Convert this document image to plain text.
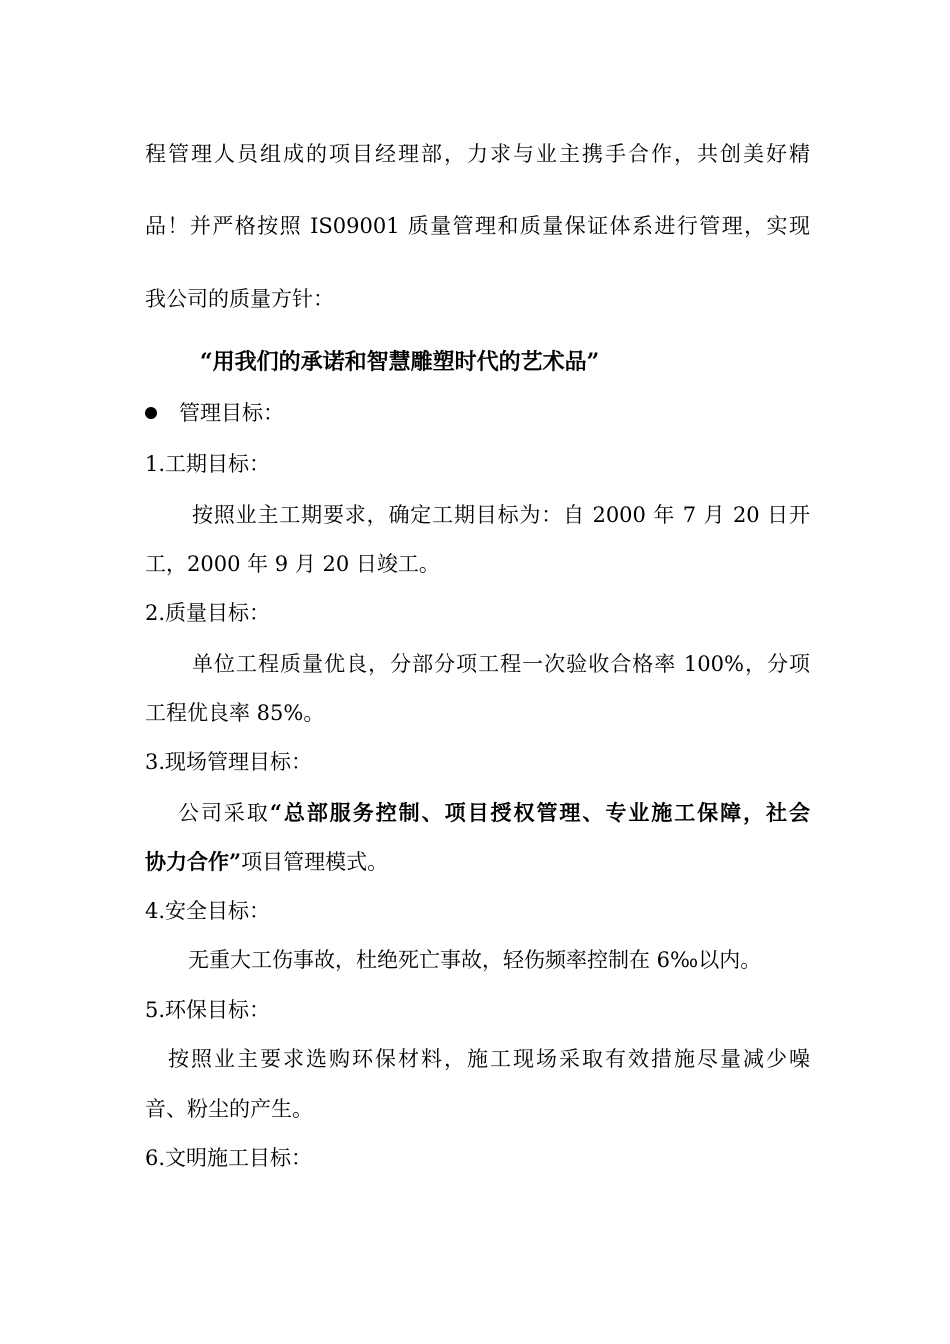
程管理人员组成的项目经理部，力求与业主携手合作，共创美好精
品！并严格按照 IS09001 质量管理和质量保证体系进行管理，实现
我公司的质量方针：
“用我们的承诺和智慧雕塑时代的艺术品”
管理目标：
1.工期目标：
按照业主工期要求，确定工期目标为：自 2000 年 7 月 20 日开
工，2000 年 9 月 20 日竣工。
2.质量目标：
单位工程质量优良，分部分项工程一次验收合格率 100%，分项
工程优良率 85%。
3.现场管理目标：
公司采取“总部服务控制、项目授权管理、专业施工保障，社会
协力合作”项目管理模式。
4.安全目标：
无重大工伤事故，杜绝死亡事故，轻伤频率控制在 6‰以内。
5.环保目标：
按照业主要求选购环保材料，施工现场采取有效措施尽量减少噪
音、粉尘的产生。
6.文明施工目标：
